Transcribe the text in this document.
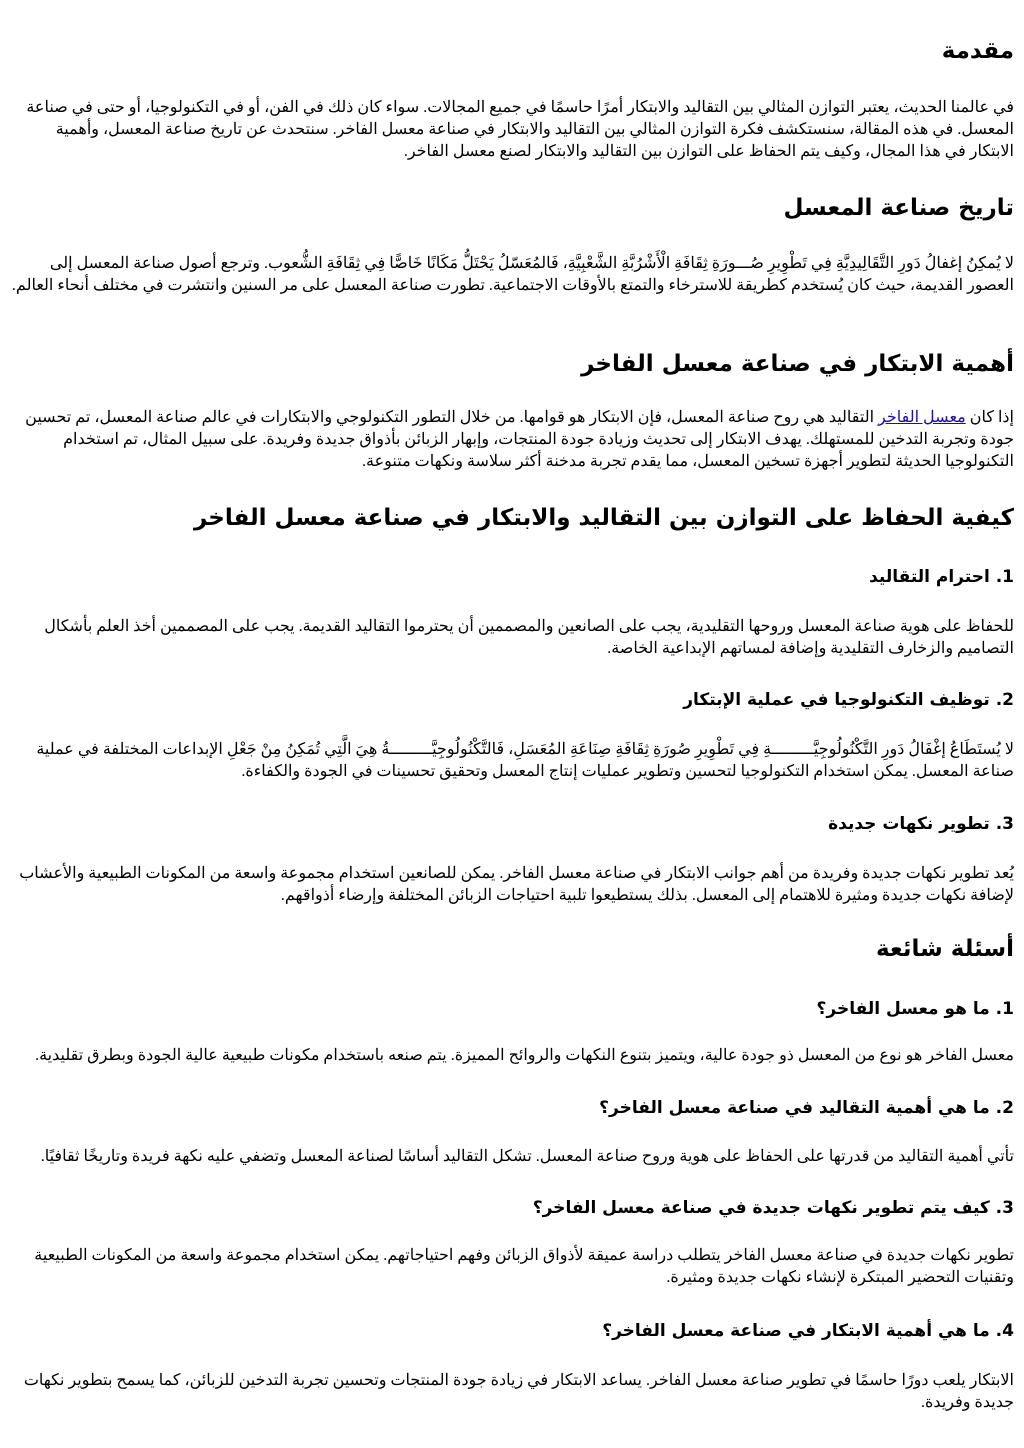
مقدمة

في عالمنا الحديث، يعتبر التوازن المثالي بين التقاليد والابتكار أمرًا حاسمًا في جميع المجالات. سواء كان ذلك في الفن، أو في التكنولوجيا، أو حتى في صناعة المعسل. في هذه المقالة، سنستكشف فكرة التوازن المثالي بين التقاليد والابتكار في صناعة معسل الفاخر. سنتحدث عن تاريخ صناعة المعسل، وأهمية الابتكار في هذا المجال، وكيف يتم الحفاظ على التوازن بين التقاليد والابتكار لصنع معسل الفاخر.

تاريخ صناعة المعسل

لا يُمكِنُ إغفالُ دَورِ التَّقَالِيدِيَّةِ فِي تَطْوِيرِ صُـــورَةِ ثِقَافَةِ الْأَشْرُبَّةِ الشَّعْبِيَّةِ، فَالمُعَسّلُ يَحْتَلُّ مَكَانًا خَاصًّا فِي ثِقَافَةِ الشُّعوب. وترجع أصول صناعة المعسل إلى العصور القديمة، حيث كان يُستخدم كطريقة للاسترخاء والتمتع بالأوقات الاجتماعية. تطورت صناعة المعسل على مر السنين وانتشرت في مختلف أنحاء العالم.

أهمية الابتكار في صناعة معسل الفاخر

إذا كان معسل الفاخر التقاليد هي روح صناعة المعسل، فإن الابتكار هو قوامها. من خلال التطور التكنولوجي والابتكارات في عالم صناعة المعسل، تم تحسين جودة وتجربة التدخين للمستهلك. يهدف الابتكار إلى تحديث وزيادة جودة المنتجات، وإبهار الزبائن بأذواق جديدة وفريدة. على سبيل المثال، تم استخدام التكنولوجيا الحديثة لتطوير أجهزة تسخين المعسل، مما يقدم تجربة مدخنة أكثر سلاسة ونكهات متنوعة.

كيفية الحفاظ على التوازن بين التقاليد والابتكار في صناعة معسل الفاخر
1. احترام التقاليد

للحفاظ على هوية صناعة المعسل وروحها التقليدية، يجب على الصانعين والمصممين أن يحترموا التقاليد القديمة. يجب على المصممين أخذ العلم بأشكال التصاميم والزخارف التقليدية وإضافة لمساتهم الإبداعية الخاصة.

2. توظيف التكنولوجيا في عملية الإبتكار

لا يُستَطَاعُ إغْفَالُ دَورِ التَّكْنُولُوجِيَّـــــــــةِ فِي تَطْوِيرِ صُورَةِ ثِقَافَةِ صِنَاعَةِ المُعَسَلِ، فَالتَّكْنُولُوجِيَّـــــــــةُ هِيَ الَّتِي تُمَكِنُ مِنْ جَعْلِ الإبداعات المختلفة في عملية صناعة المعسل. يمكن استخدام التكنولوجيا لتحسين وتطوير عمليات إنتاج المعسل وتحقيق تحسينات في الجودة والكفاءة.

3. تطوير نكهات جديدة

يُعد تطوير نكهات جديدة وفريدة من أهم جوانب الابتكار في صناعة معسل الفاخر. يمكن للصانعين استخدام مجموعة واسعة من المكونات الطبيعية والأعشاب لإضافة نكهات جديدة ومثيرة للاهتمام إلى المعسل. بذلك يستطيعوا تلبية احتياجات الزبائن المختلفة وإرضاء أذواقهم.

أسئلة شائعة
1. ما هو معسل الفاخر؟

معسل الفاخر هو نوع من المعسل ذو جودة عالية، ويتميز بتنوع النكهات والروائح المميزة. يتم صنعه باستخدام مكونات طبيعية عالية الجودة وبطرق تقليدية.

2. ما هي أهمية التقاليد في صناعة معسل الفاخر؟

تأتي أهمية التقاليد من قدرتها على الحفاظ على هوية وروح صناعة المعسل. تشكل التقاليد أساسًا لصناعة المعسل وتضفي عليه نكهة فريدة وتاريخًا ثقافيًا.

3. كيف يتم تطوير نكهات جديدة في صناعة معسل الفاخر؟

تطوير نكهات جديدة في صناعة معسل الفاخر يتطلب دراسة عميقة لأذواق الزبائن وفهم احتياجاتهم. يمكن استخدام مجموعة واسعة من المكونات الطبيعية وتقنيات التحضير المبتكرة لإنشاء نكهات جديدة ومثيرة.

4. ما هي أهمية الابتكار في صناعة معسل الفاخر؟

الابتكار يلعب دورًا حاسمًا في تطوير صناعة معسل الفاخر. يساعد الابتكار في زيادة جودة المنتجات وتحسين تجربة التدخين للزبائن، كما يسمح بتطوير نكهات جديدة وفريدة.
